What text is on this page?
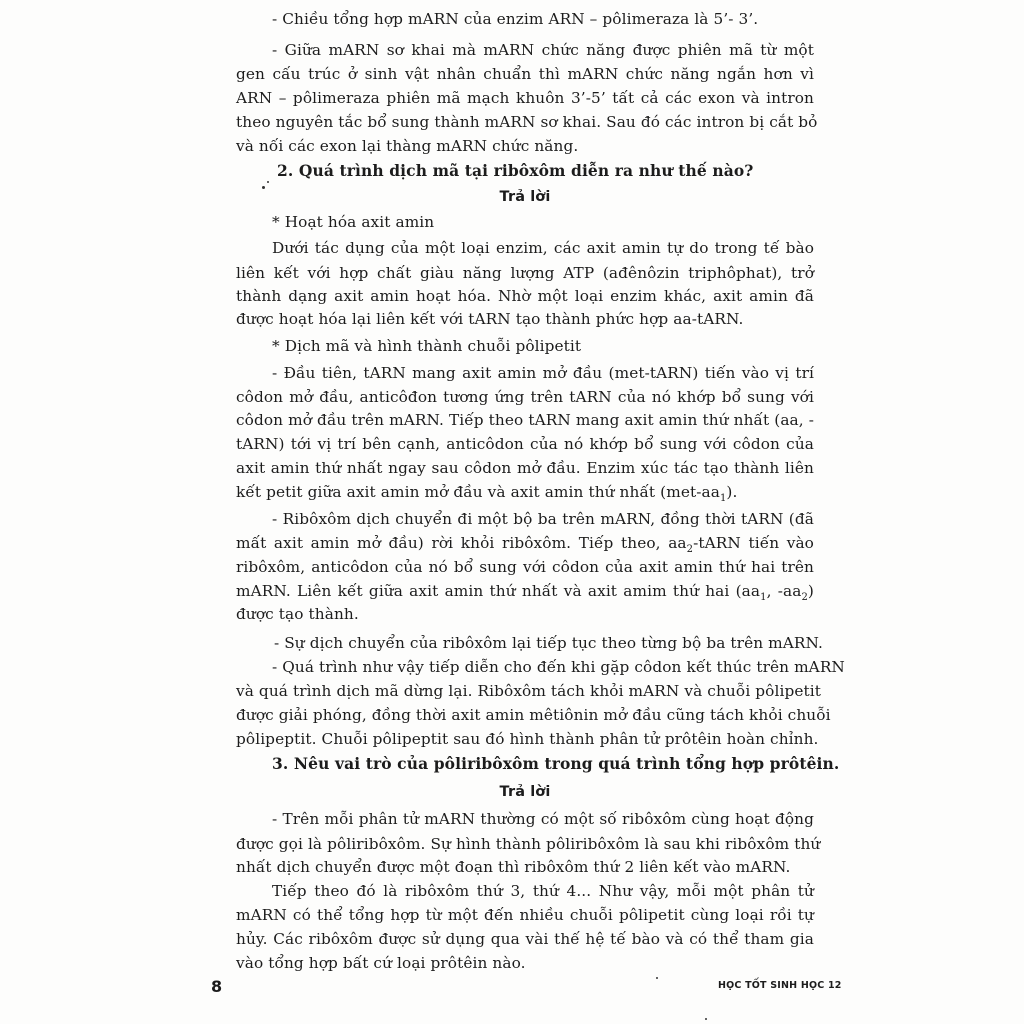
- Chiều tổng hợp mARN của enzim ARN – pôlimeraza là 5’- 3’.
- Giữa mARN sơ khai mà mARN chức năng được phiên mã từ một
gen cấu trúc ở sinh vật nhân chuẩn thì mARN chức năng ngắn hơn vì
ARN – pôlimeraza phiên mã mạch khuôn 3’-5’ tất cả các exon và intron
theo nguyên tắc bổ sung thành mARN sơ khai. Sau đó các intron bị cắt bỏ
và nối các exon lại thàng mARN chức năng.
2. Quá trình dịch mã tại ribôxôm diễn ra như thế nào?
Trả lời
* Hoạt hóa axit amin
Dưới tác dụng của một loại enzim, các axit amin tự do trong tế bào
liên kết với hợp chất giàu năng lượng ATP (ađênôzin triphôphat), trở
thành dạng axit amin hoạt hóa. Nhờ một loại enzim khác, axit amin đã
được hoạt hóa lại liên kết với tARN tạo thành phức hợp aa-tARN.
* Dịch mã và hình thành chuỗi pôlipetit
- Đầu tiên, tARN mang axit amin mở đầu (met-tARN) tiến vào vị trí
côdon mở đầu, anticôđon tương ứng trên tARN của nó khớp bổ sung với
côdon mở đầu trên mARN. Tiếp theo tARN mang axit amin thứ nhất (aa, -
tARN) tới vị trí bên cạnh, anticôdon của nó khớp bổ sung với côdon của
axit amin thứ nhất ngay sau côdon mở đầu. Enzim xúc tác tạo thành liên
kết petit giữa axit amin mở đầu và axit amin thứ nhất $(met-aa_1)$.
- Ribôxôm dịch chuyển đi một bộ ba trên mARN, đồng thời tARN (đã
mất axit amin mở đầu) rời khỏi ribôxôm. Tiếp theo, $aa_2$-tARN tiến vào
ribôxôm, anticôdon của nó bổ sung với côdon của axit amin thứ hai trên
mARN. Liên kết giữa axit amin thứ nhất và axit amim thứ hai ($aa_1$, $-aa_2$)
được tạo thành.
- Sự dịch chuyển của ribôxôm lại tiếp tục theo từng bộ ba trên mARN.
- Quá trình như vậy tiếp diễn cho đến khi gặp côdon kết thúc trên mARN
và quá trình dịch mã dừng lại. Ribôxôm tách khỏi mARN và chuỗi pôlipetit
được giải phóng, đồng thời axit amin mêtiônin mở đầu cũng tách khỏi chuỗi
pôlipeptit. Chuỗi pôlipeptit sau đó hình thành phân tử prôtêin hoàn chỉnh.
3. Nêu vai trò của pôliribôxôm trong quá trình tổng hợp prôtêin.
Trả lời
- Trên mỗi phân tử mARN thường có một số ribôxôm cùng hoạt động
được gọi là pôliribôxôm. Sự hình thành pôliribôxôm là sau khi ribôxôm thứ
nhất dịch chuyển được một đoạn thì ribôxôm thứ 2 liên kết vào mARN.
Tiếp theo đó là ribôxôm thứ 3, thứ 4... Như vậy, mỗi một phân tử
mARN có thể tổng hợp từ một đến nhiều chuỗi pôlipetit cùng loại rồi tự
hủy. Các ribôxôm được sử dụng qua vài thế hệ tế bào và có thể tham gia
vào tổng hợp bất cứ loại prôtêin nào.
8	HỌC TỐT SINH HỌC 12
